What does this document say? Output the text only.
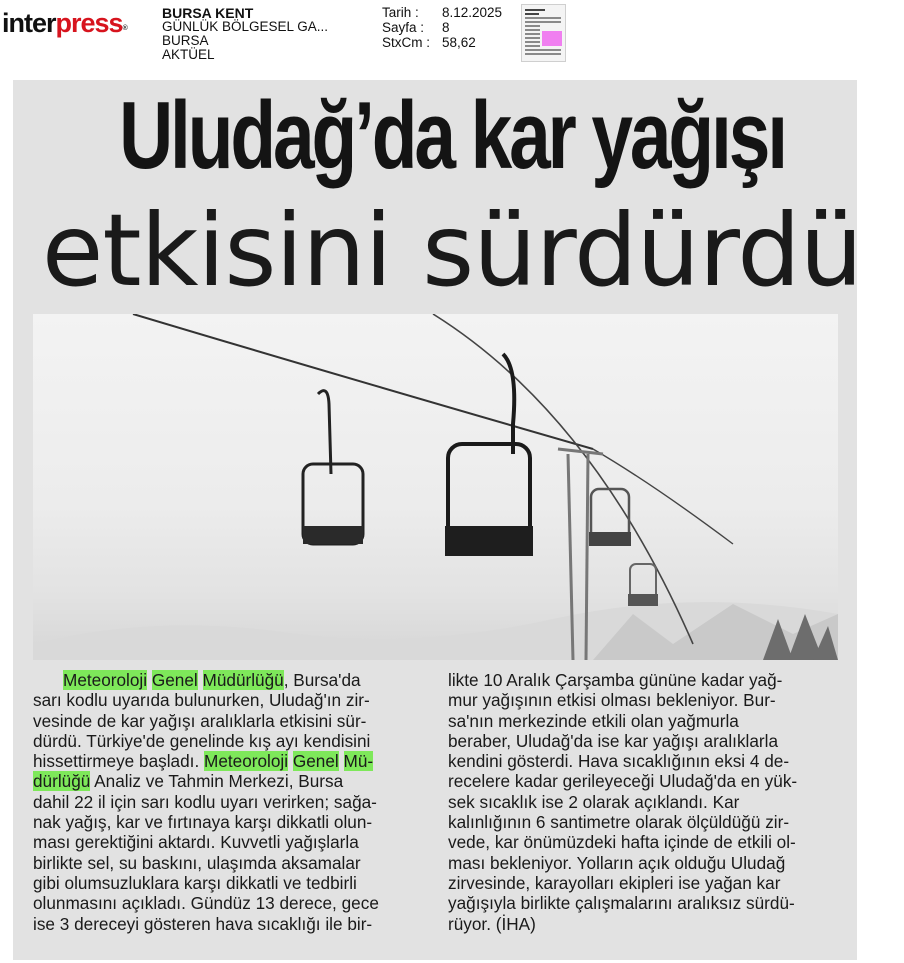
interpress®
BURSA KENT
GÜNLÜK BÖLGESEL GA...
BURSA
AKTÜEL
Tarih :	8.12.2025
Sayfa :	8
StxCm : 58,62
Uludağ’da kar yağışı
etkisini sürdürdü
Meteoroloji Genel Müdürlüğü, Bursa'da
sarı kodlu uyarıda bulunurken, Uludağ'ın zir-
vesinde de kar yağışı aralıklarla etkisini sür-
dürdü. Türkiye'de genelinde kış ayı kendisini
hissettirmeye başladı. Meteoroloji Genel Mü-
dürlüğü Analiz ve Tahmin Merkezi, Bursa
dahil 22 il için sarı kodlu uyarı verirken; sağa-
nak yağış, kar ve fırtınaya karşı dikkatli olun-
ması gerektiğini aktardı. Kuvvetli yağışlarla
birlikte sel, su baskını, ulaşımda aksamalar
gibi olumsuzluklara karşı dikkatli ve tedbirli
olunmasını açıkladı. Gündüz 13 derece, gece
ise 3 dereceyi gösteren hava sıcaklığı ile bir-
likte 10 Aralık Çarşamba gününe kadar yağ-
mur yağışının etkisi olması bekleniyor. Bur-
sa'nın merkezinde etkili olan yağmurla
beraber, Uludağ'da ise kar yağışı aralıklarla
kendini gösterdi. Hava sıcaklığının eksi 4 de-
recelere kadar gerileyeceği Uludağ'da en yük-
sek sıcaklık ise 2 olarak açıklandı. Kar
kalınlığının 6 santimetre olarak ölçüldüğü zir-
vede, kar önümüzdeki hafta içinde de etkili ol-
ması bekleniyor. Yolların açık olduğu Uludağ
zirvesinde, karayolları ekipleri ise yağan kar
yağışıyla birlikte çalışmalarını aralıksız sürdü-
rüyor. (İHA)
